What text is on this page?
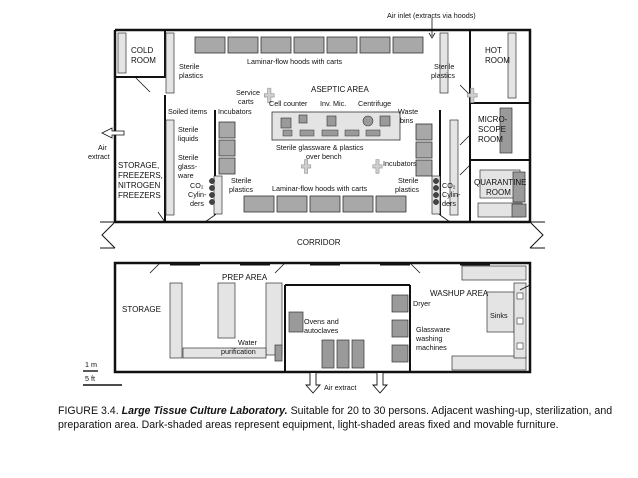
Air inlet (extracts via hoods)
COLD ROOM
HOT ROOM
MICRO- SCOPE ROOM
QUARANTINE ROOM
STORAGE, FREEZERS, NITROGEN FREEZERS
ASEPTIC AREA
CORRIDOR
PREP AREA
WASHUP AREA
STORAGE
Laminar-flow hoods with carts
Laminar-flow hoods with carts
Sterile plastics
Sterile plastics
Sterile plastics
Sterile plastics
Service carts
Soiled items Incubators
Incubators
Cell counter Inv. Mic. Centrifuge
Waste bins
Sterile glassware & plastics over bench
Sterile liquids
Sterile glass- ware
CO₂ Cylin- ders
CO₂ Cylin- ders
Air extract
Air extract
Ovens and autoclaves
Water purification
Dryer
Glassware washing machines
Sinks
1 m
5 ft
FIGURE 3.4. Large Tissue Culture Laboratory. Suitable for 20 to 30 persons. Adjacent washing-up, sterilization, and preparation area. Dark-shaded areas represent equipment, light-shaded areas fixed and movable furniture.
